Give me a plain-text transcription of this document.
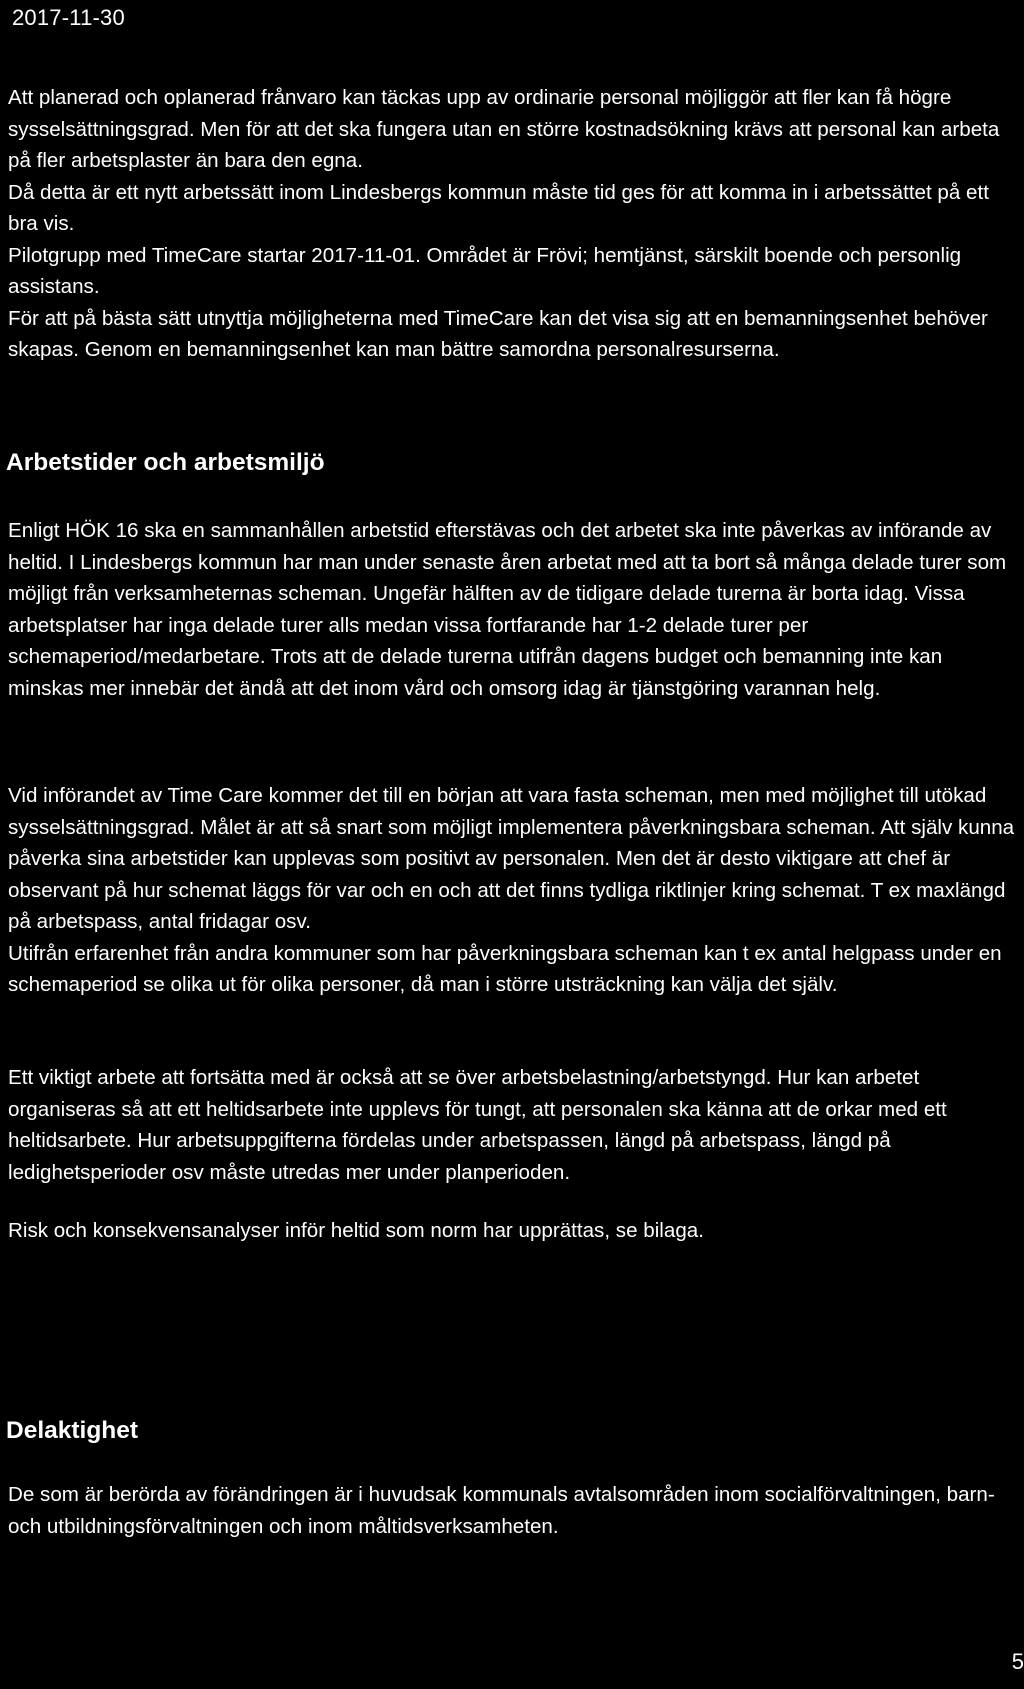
2017-11-30

Att planerad och oplanerad frånvaro kan täckas upp av ordinarie personal möjliggör att fler kan få högre sysselsättningsgrad. Men för att det ska fungera utan en större kostnadsökning krävs att personal kan arbeta på fler arbetsplaster än bara den egna.

Då detta är ett nytt arbetssätt inom Lindesbergs kommun måste tid ges för att komma in i arbetssättet på ett bra vis.

Pilotgrupp med TimeCare startar 2017-11-01. Området är Frövi; hemtjänst, särskilt boende och personlig assistans.

För att på bästa sätt utnyttja möjligheterna med TimeCare kan det visa sig att en bemanningsenhet behöver skapas. Genom en bemanningsenhet kan man bättre samordna personalresurserna.

Arbetstider och arbetsmiljö

Enligt HÖK 16 ska en sammanhållen arbetstid efterstävas och det arbetet ska inte påverkas av införande av heltid. I Lindesbergs kommun har man under senaste åren arbetat med att ta bort så många delade turer som möjligt från verksamheternas scheman. Ungefär hälften av de tidigare delade turerna är borta idag. Vissa arbetsplatser har inga delade turer alls medan vissa fortfarande har 1-2 delade turer per schemaperiod/medarbetare. Trots att de delade turerna utifrån dagens budget och bemanning inte kan minskas mer innebär det ändå att det inom vård och omsorg idag är tjänstgöring varannan helg.

Vid införandet av Time Care kommer det till en början att vara fasta scheman, men med möjlighet till utökad sysselsättningsgrad. Målet är att så snart som möjligt implementera påverkningsbara scheman. Att själv kunna påverka sina arbetstider kan upplevas som positivt av personalen. Men det är desto viktigare att chef är observant på hur schemat läggs för var och en och att det finns tydliga riktlinjer kring schemat. T ex maxlängd på arbetspass, antal fridagar osv.

Utifrån erfarenhet från andra kommuner som har påverkningsbara scheman kan t ex antal helgpass under en schemaperiod se olika ut för olika personer, då man i större utsträckning kan välja det själv.

Ett viktigt arbete att fortsätta med är också att se över arbetsbelastning/arbetstyngd. Hur kan arbetet organiseras så att ett heltidsarbete inte upplevs för tungt, att personalen ska känna att de orkar med ett heltidsarbete. Hur arbetsuppgifterna fördelas under arbetspassen, längd på arbetspass, längd på ledighetsperioder osv måste utredas mer under planperioden.

Risk och konsekvensanalyser inför heltid som norm har upprättas, se bilaga.

Delaktighet

De som är berörda av förändringen är i huvudsak kommunals avtalsområden inom socialförvaltningen, barn- och utbildningsförvaltningen och inom måltidsverksamheten.

5
